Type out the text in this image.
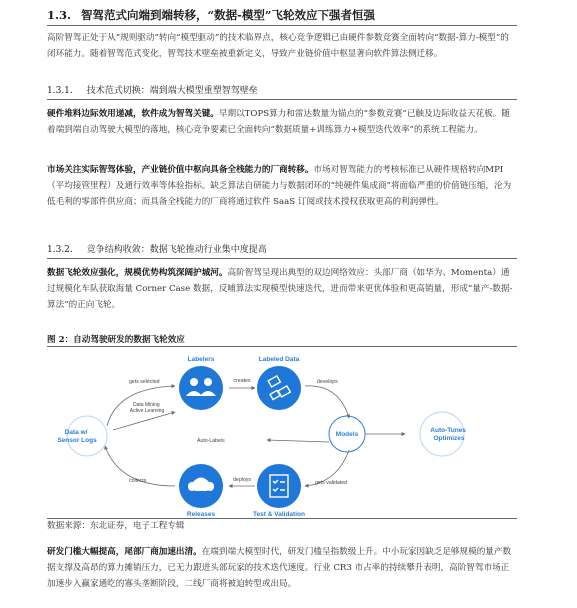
1.3. 智驾范式向端到端转移，“数据-模型”飞轮效应下强者恒强
高阶智驾正处于从“规则驱动”转向“模型驱动”的技术临界点，核心竞争逻辑已由硬件参数竞赛全面转向“数据-算力-模型”的闭环能力。随着智驾范式变化，智驾技术壁垒被重新定义，导致产业链价值中枢显著向软件算法侧迁移。
1.3.1. 技术范式切换：端到端大模型重塑智驾壁垒
硬件堆料边际效用递减，软件成为智驾关键。早期以TOPS算力和雷达数量为锚点的“参数竞赛”已触及边际收益天花板。随着端到端自动驾驶大模型的落地，核心竞争要素已全面转向“数据质量+训练算力+模型迭代效率”的系统工程能力。
市场关注实际智驾体验，产业链价值中枢向具备全栈能力的厂商转移。市场对智驾能力的考核标准已从硬件规格转向MPI（平均接管里程）及通行效率等体验指标。缺乏算法自研能力与数据闭环的“纯硬件集成商”将面临严重的价值链压缩，沦为低毛利的零部件供应商；而具备全栈能力的厂商将通过软件 SaaS 订阅或技术授权获取更高的利润弹性。
1.3.2. 竞争结构收敛：数据飞轮推动行业集中度提高
数据飞轮效应强化，规模优势构筑深阔护城河。高阶智驾呈现出典型的双边网络效应：头部厂商（如华为、Momenta）通过规模化车队获取海量 Corner Case 数据，反哺算法实现模型快速迭代，进而带来更优体验和更高销量，形成“量产-数据-算法”的正向飞轮。
图 2：自动驾驶研发的数据飞轮效应
Labelers	Labeled Data
Models
Test & Validation
Releases
Data w/ Sensor Logs
Auto-Tunes Optimizes
gets selected	creates	develops
Data Mining Active Learning
Auto-Labels
collects	deploys	gets validated
数据来源：东北证券，电子工程专辑
研发门槛大幅提高，尾部厂商加速出清。在端到端大模型时代，研发门槛呈指数级上升。中小玩家因缺乏足够规模的量产数据支撑及高昂的算力摊销压力，已无力跟进头部玩家的技术迭代速度。行业 CR3 市占率的持续攀升表明，高阶智驾市场正加速步入赢家通吃的寡头垄断阶段，二线厂商将被迫转型或出局。
